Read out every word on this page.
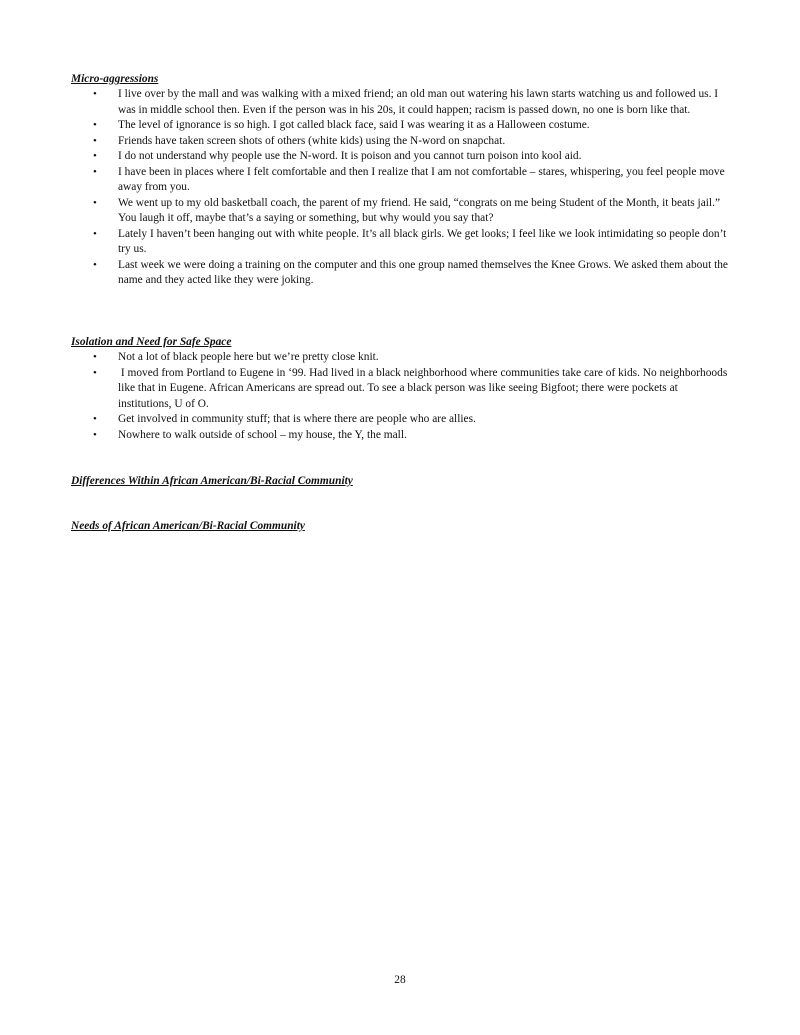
Micro-aggressions

• I live over by the mall and was walking with a mixed friend; an old man out watering his lawn starts watching us and followed us. I was in middle school then. Even if the person was in his 20s, it could happen; racism is passed down, no one is born like that.
• The level of ignorance is so high. I got called black face, said I was wearing it as a Halloween costume.
• Friends have taken screen shots of others (white kids) using the N-word on snapchat.
• I do not understand why people use the N-word. It is poison and you cannot turn poison into kool aid.
• I have been in places where I felt comfortable and then I realize that I am not comfortable – stares, whispering, you feel people move away from you.
• We went up to my old basketball coach, the parent of my friend. He said, “congrats on me being Student of the Month, it beats jail.” You laugh it off, maybe that’s a saying or something, but why would you say that?
• Lately I haven’t been hanging out with white people. It’s all black girls. We get looks; I feel like we look intimidating so people don’t try us.
• Last week we were doing a training on the computer and this one group named themselves the Knee Grows. We asked them about the name and they acted like they were joking.

Isolation and Need for Safe Space

• Not a lot of black people here but we’re pretty close knit.
• I moved from Portland to Eugene in ‘99. Had lived in a black neighborhood where communities take care of kids. No neighborhoods like that in Eugene. African Americans are spread out. To see a black person was like seeing Bigfoot; there were pockets at institutions, U of O.
• Get involved in community stuff; that is where there are people who are allies.
• Nowhere to walk outside of school – my house, the Y, the mall.

Differences Within African American/Bi-Racial Community

Needs of African American/Bi-Racial Community

28
